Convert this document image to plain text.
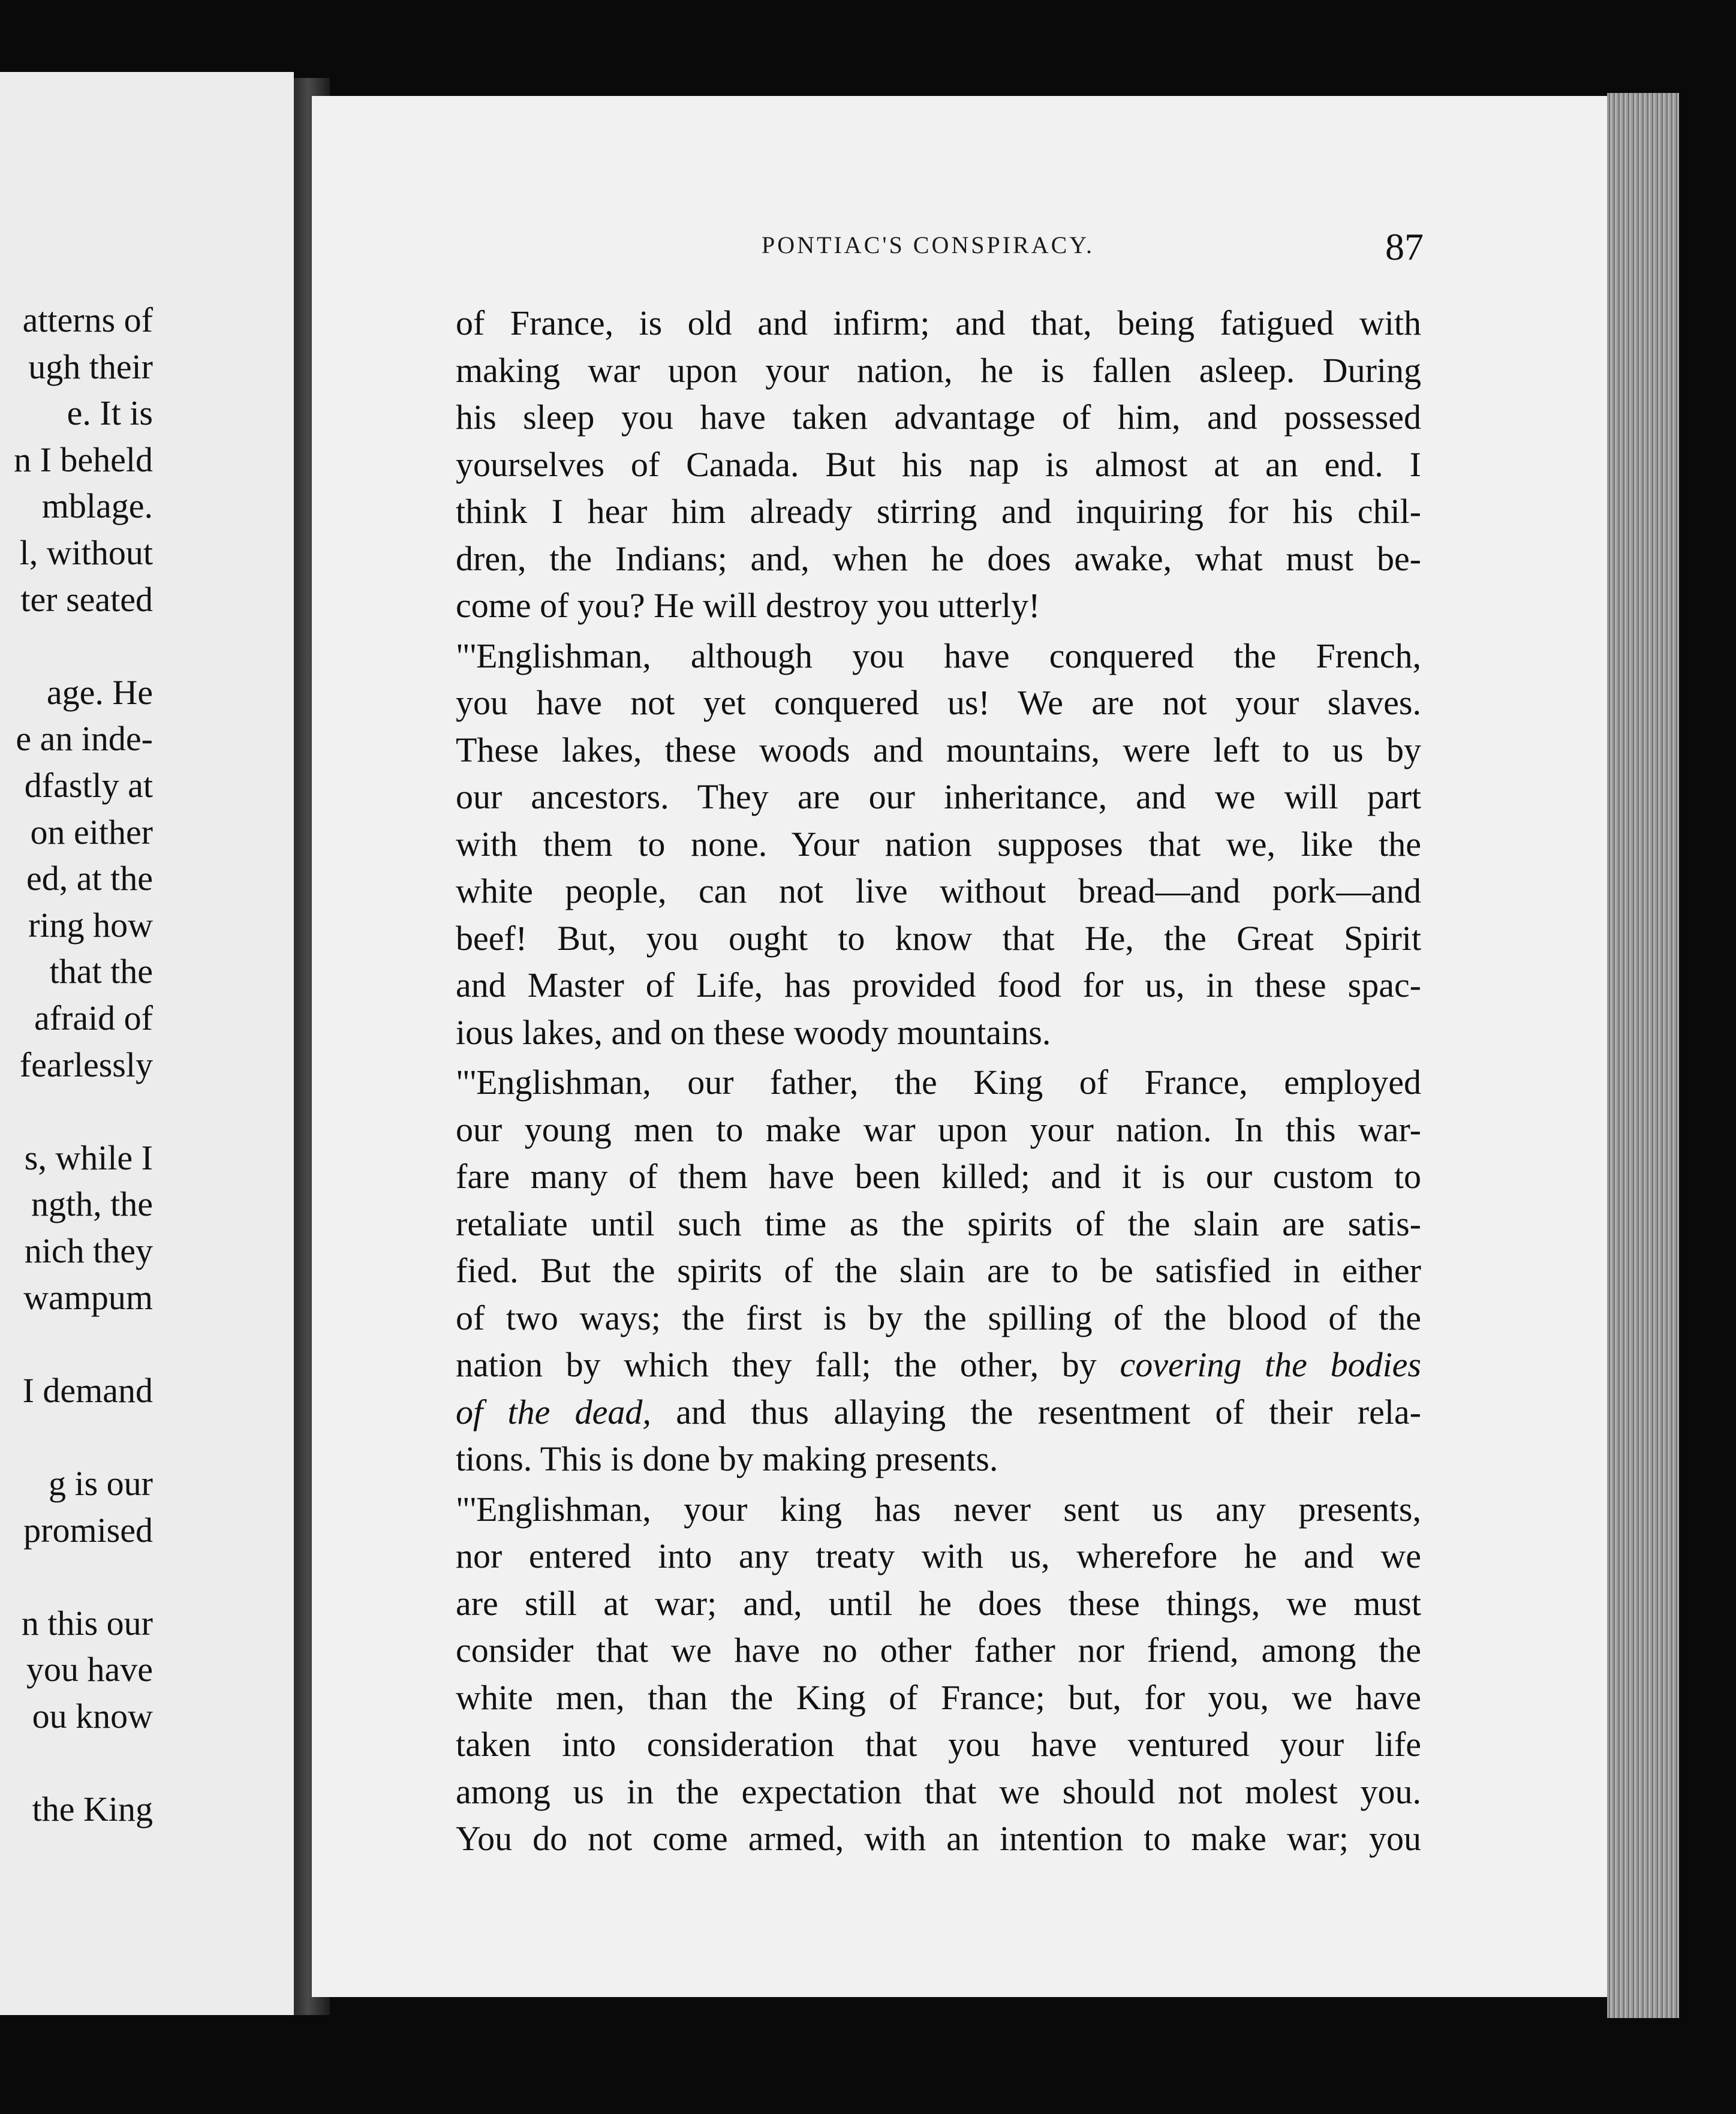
atterns of
ugh their
e. It is
n I beheld
mblage.
l, without
ter seated
age. He
e an inde-
dfastly at
on either
ed, at the
ring how
that the
afraid of
fearlessly
s, while I
ngth, the
nich they
wampum
I demand
g is our
promised
n this our
you have
ou know
the King
PONTIAC'S CONSPIRACY.	87
of France, is old and infirm; and that, being fatigued with
making war upon your nation, he is fallen asleep. During
his sleep you have taken advantage of him, and possessed
yourselves of Canada. But his nap is almost at an end. I
think I hear him already stirring and inquiring for his chil-
dren, the Indians; and, when he does awake, what must be-
come of you? He will destroy you utterly!
"'Englishman, although you have conquered the French,
you have not yet conquered us! We are not your slaves.
These lakes, these woods and mountains, were left to us by
our ancestors. They are our inheritance, and we will part
with them to none. Your nation supposes that we, like the
white people, can not live without bread—and pork—and
beef! But, you ought to know that He, the Great Spirit
and Master of Life, has provided food for us, in these spac-
ious lakes, and on these woody mountains.
"'Englishman, our father, the King of France, employed
our young men to make war upon your nation. In this war-
fare many of them have been killed; and it is our custom to
retaliate until such time as the spirits of the slain are satis-
fied. But the spirits of the slain are to be satisfied in either
of two ways; the first is by the spilling of the blood of the
nation by which they fall; the other, by covering the bodies
of the dead, and thus allaying the resentment of their rela-
tions. This is done by making presents.
"'Englishman, your king has never sent us any presents,
nor entered into any treaty with us, wherefore he and we
are still at war; and, until he does these things, we must
consider that we have no other father nor friend, among the
white men, than the King of France; but, for you, we have
taken into consideration that you have ventured your life
among us in the expectation that we should not molest you.
You do not come armed, with an intention to make war; you
